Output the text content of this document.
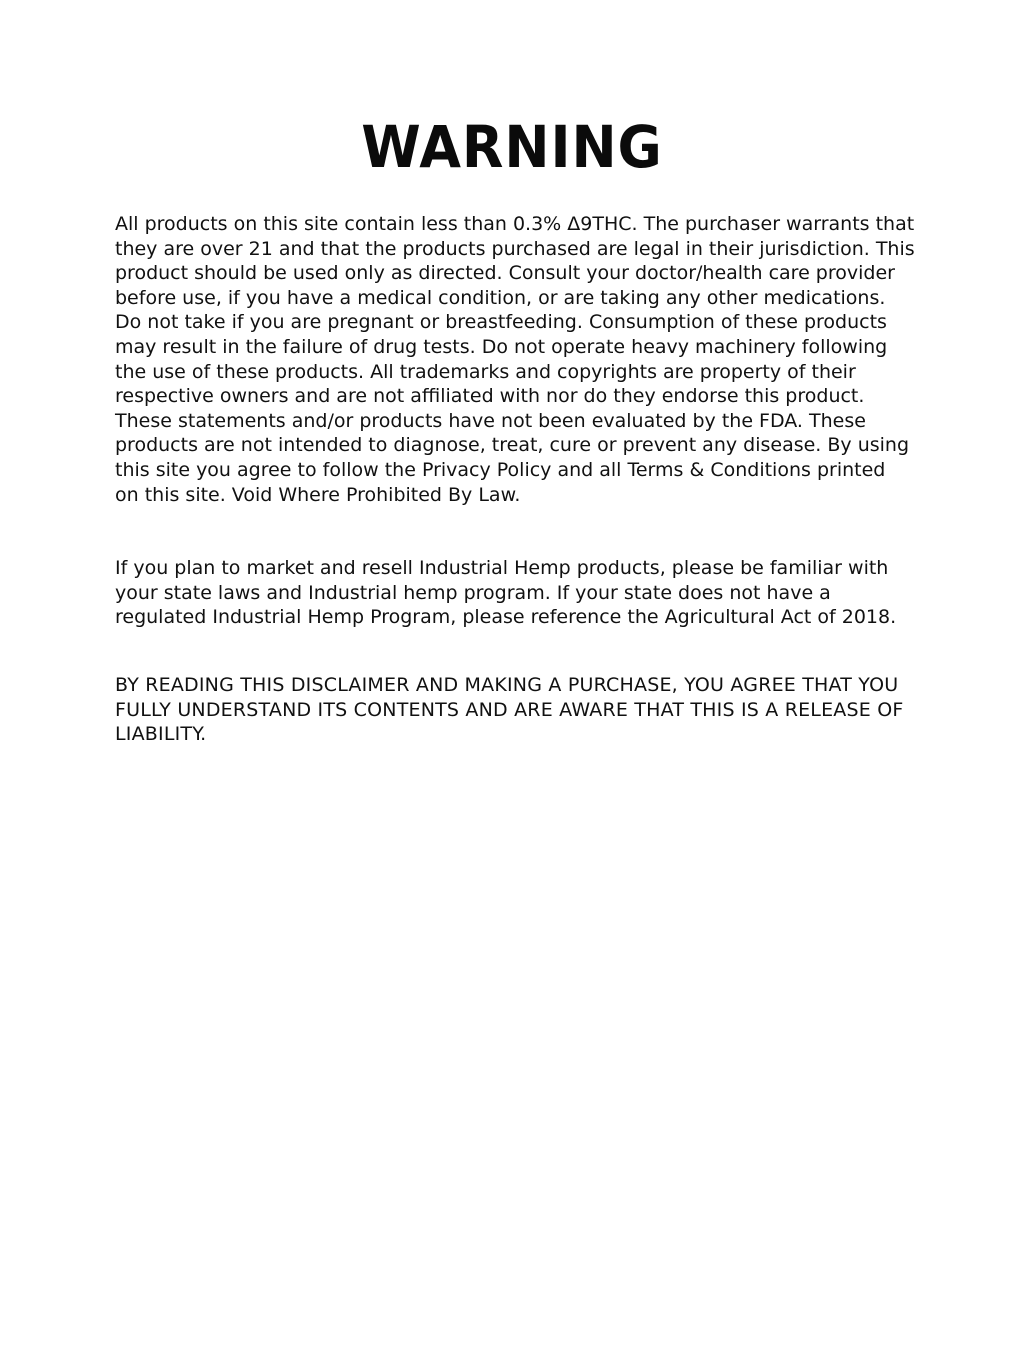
WARNING

All products on this site contain less than 0.3% Δ9THC. The purchaser warrants that they are over 21 and that the products purchased are legal in their jurisdiction. This product should be used only as directed. Consult your doctor/health care provider before use, if you have a medical condition, or are taking any other medications. Do not take if you are pregnant or breastfeeding. Consumption of these products may result in the failure of drug tests. Do not operate heavy machinery following the use of these products. All trademarks and copyrights are property of their respective owners and are not affiliated with nor do they endorse this product. These statements and/or products have not been evaluated by the FDA. These products are not intended to diagnose, treat, cure or prevent any disease. By using this site you agree to follow the Privacy Policy and all Terms & Conditions printed on this site. Void Where Prohibited By Law.

If you plan to market and resell Industrial Hemp products, please be familiar with your state laws and Industrial hemp program. If your state does not have a regulated Industrial Hemp Program, please reference the Agricultural Act of 2018.

BY READING THIS DISCLAIMER AND MAKING A PURCHASE, YOU AGREE THAT YOU FULLY UNDERSTAND ITS CONTENTS AND ARE AWARE THAT THIS IS A RELEASE OF LIABILITY.
